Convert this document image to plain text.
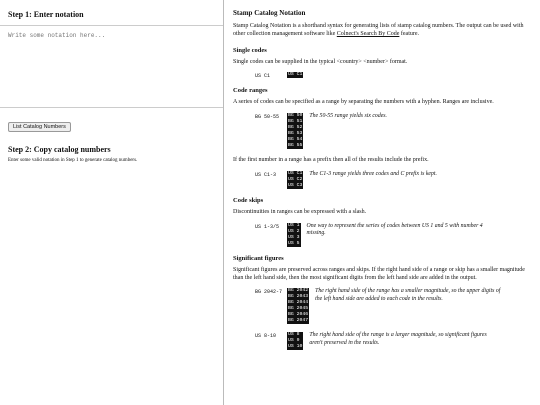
Step 1: Enter notation
Write some notation here... List Catalog Numbers
Step 2: Copy catalog numbers
Enter some valid notation in Step 1 to generate catalog numbers.
Stamp Catalog Notation

Stamp Catalog Notation is a shorthand syntax for generating lists of stamp catalog numbers. The output can be used with other collection management software like Colnect's Search By Code feature.

Single codes

Single codes can be supplied in the typical <country> <number> format.

US C1	US C1
Code ranges

A series of codes can be specified as a range by separating the numbers with a hyphen. Ranges are inclusive.

BG 50-55	BG 50
BG 51
BG 52
BG 53
BG 54
BG 55
The 50-55 range yields six codes.

If the first number in a range has a prefix then all of the results include the prefix.

US C1-3	US C1
US C2
US C3
The C1-3 range yields three codes and C prefix is kept.
Code skips

Discontinuities in ranges can be expressed with a slash.

US 1-3/5	US 1
US 2
US 3
US 5
One way to represent the series of codes between US 1 and 5 with number 4 missing.
Significant figures

Significant figures are preserved across ranges and skips. If the right hand side of a range or skip has a smaller magnitude than the left hand side, then the most significant digits from the left hand side are added in the output.

BG 2042-7	BG 2042
BG 2043
BG 2044
BG 2045
BG 2046
BG 2047
The right hand side of the range has a smaller magnitude, so the upper digits of the left hand side are added to each code in the results.
US 8-10	US 8
US 9
US 10
The right hand side of the range is a larger magnitude, so significant figures aren't preserved in the results.
